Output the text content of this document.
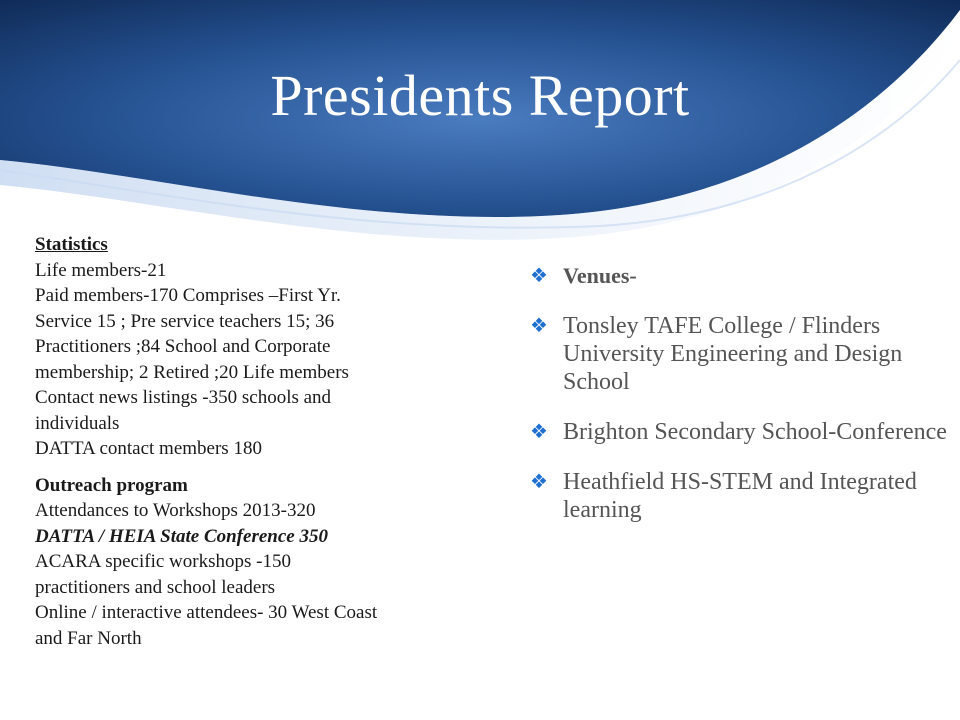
Presidents Report
Statistics
Life members-21
Paid members-170 Comprises –First Yr.
Service 15 ; Pre service teachers 15; 36
Practitioners ;84 School and Corporate
membership; 2 Retired ;20 Life members
Contact news listings -350 schools and
individuals
DATTA contact members 180
Outreach program
Attendances to Workshops 2013-320
DATTA / HEIA State Conference 350
ACARA specific workshops -150
practitioners and school leaders
Online / interactive attendees- 30 West Coast
and Far North
❖ Venues-
❖ Tonsley TAFE College / Flinders University Engineering and Design School
❖ Brighton Secondary School-Conference
❖ Heathfield HS-STEM and Integrated learning
